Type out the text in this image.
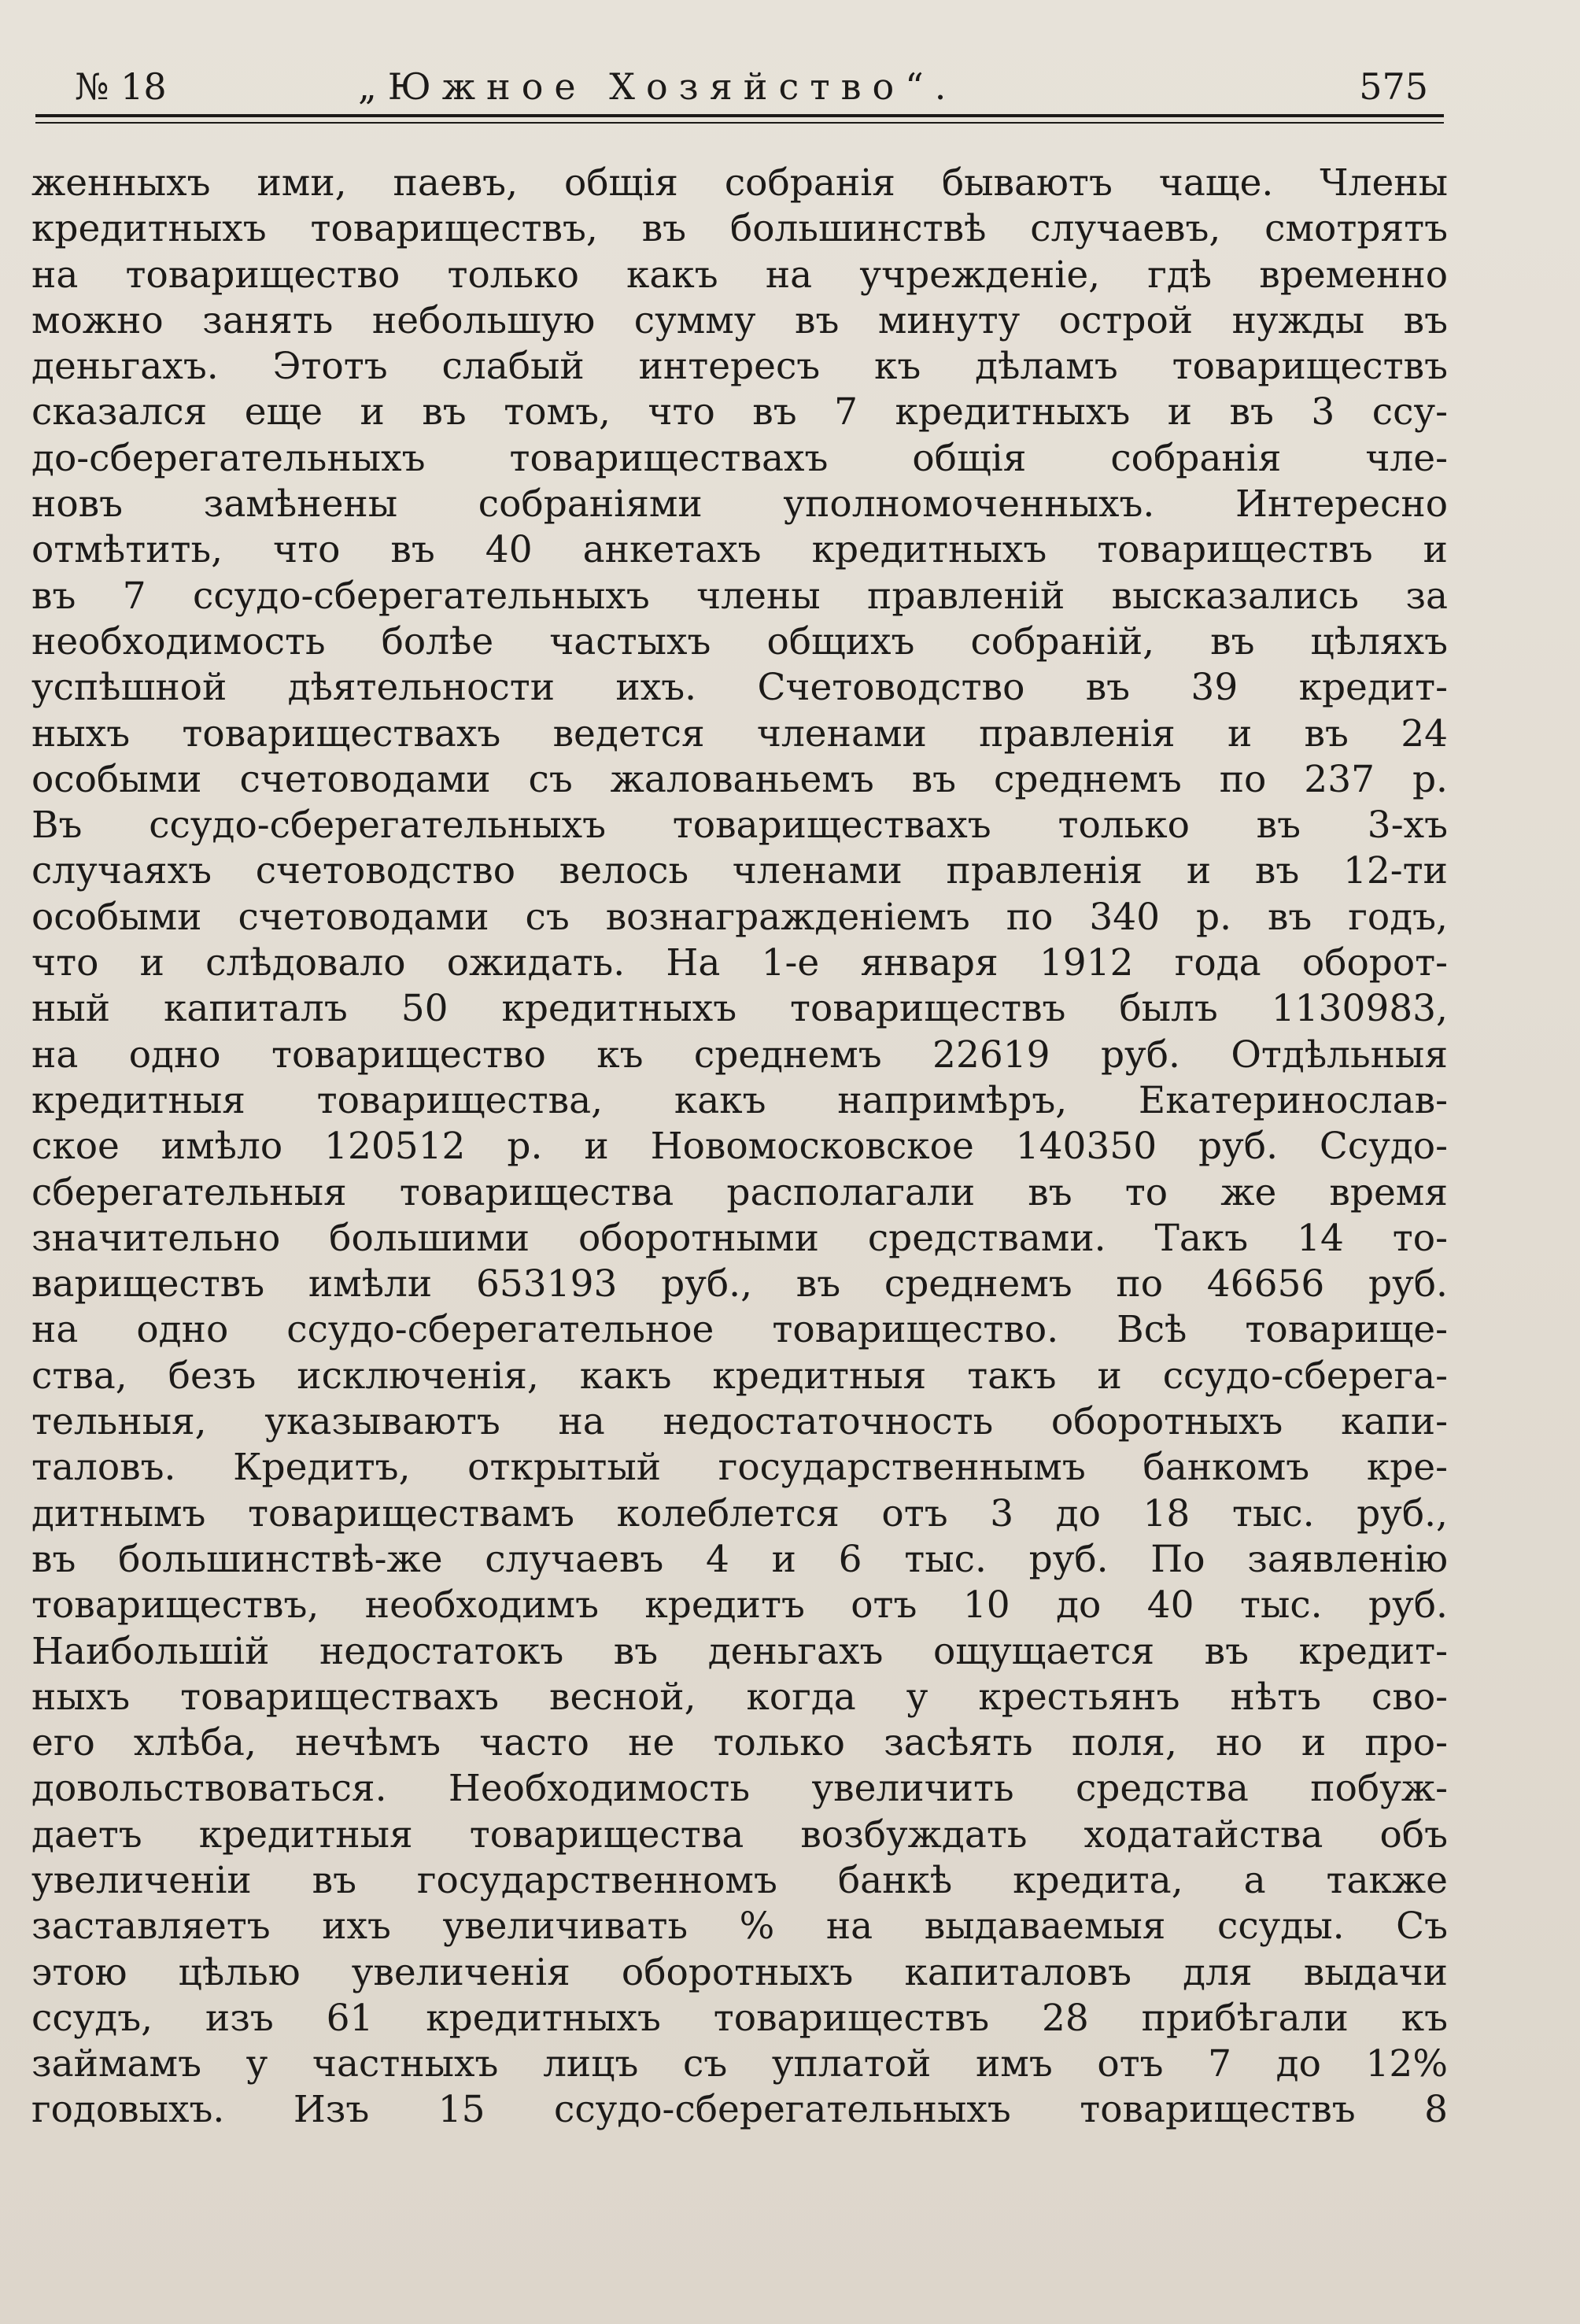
№ 18	„Южное Хозяйство“.	575
женныхъ ими, паевъ, общія собранія бываютъ чаще. Члены
кредитныхъ товариществъ, въ большинствѣ случаевъ, смотрятъ
на товарищество только какъ на учрежденіе, гдѣ временно
можно занять небольшую сумму въ минуту острой нужды въ
деньгахъ. Этотъ слабый интересъ къ дѣламъ товариществъ
сказался еще и въ томъ, что въ 7 кредитныхъ и въ 3 ссу-
до-сберегательныхъ товариществахъ общія собранія чле-
новъ замѣнены собраніями уполномоченныхъ. Интересно
отмѣтить, что въ 40 анкетахъ кредитныхъ товариществъ и
въ 7 ссудо-сберегательныхъ члены правленій высказались за
необходимость болѣе частыхъ общихъ собраній, въ цѣляхъ
успѣшной дѣятельности ихъ. Счетоводство въ 39 кредит-
ныхъ товариществахъ ведется членами правленія и въ 24
особыми счетоводами съ жалованьемъ въ среднемъ по 237 р.
Въ ссудо-сберегательныхъ товариществахъ только въ 3-хъ
случаяхъ счетоводство велось членами правленія и въ 12-ти
особыми счетоводами съ вознагражденіемъ по 340 р. въ годъ,
что и слѣдовало ожидать. На 1-е января 1912 года оборот-
ный капиталъ 50 кредитныхъ товариществъ былъ 1130983,
на одно товарищество къ среднемъ 22619 руб. Отдѣльныя
кредитныя товарищества, какъ напримѣръ, Екатеринослав-
ское имѣло 120512 р. и Новомосковское 140350 руб. Ссудо-
сберегательныя товарищества располагали въ то же время
значительно большими оборотными средствами. Такъ 14 то-
вариществъ имѣли 653193 руб., въ среднемъ по 46656 руб.
на одно ссудо-сберегательное товарищество. Всѣ товарище-
ства, безъ исключенія, какъ кредитныя такъ и ссудо-сберега-
тельныя, указываютъ на недостаточность оборотныхъ капи-
таловъ. Кредитъ, открытый государственнымъ банкомъ кре-
дитнымъ товариществамъ колеблется отъ 3 до 18 тыс. руб.,
въ большинствѣ-же случаевъ 4 и 6 тыс. руб. По заявленію
товариществъ, необходимъ кредитъ отъ 10 до 40 тыс. руб.
Наибольшій недостатокъ въ деньгахъ ощущается въ кредит-
ныхъ товариществахъ весной, когда у крестьянъ нѣтъ сво-
его хлѣба, нечѣмъ часто не только засѣять поля, но и про-
довольствоваться. Необходимость увеличить средства побуж-
даетъ кредитныя товарищества возбуждать ходатайства объ
увеличеніи въ государственномъ банкѣ кредита, а также
заставляетъ ихъ увеличивать % на выдаваемыя ссуды. Съ
этою цѣлью увеличенія оборотныхъ капиталовъ для выдачи
ссудъ, изъ 61 кредитныхъ товариществъ 28 прибѣгали къ
займамъ у частныхъ лицъ съ уплатой имъ отъ 7 до 12%
годовыхъ. Изъ 15 ссудо-сберегательныхъ товариществъ 8
